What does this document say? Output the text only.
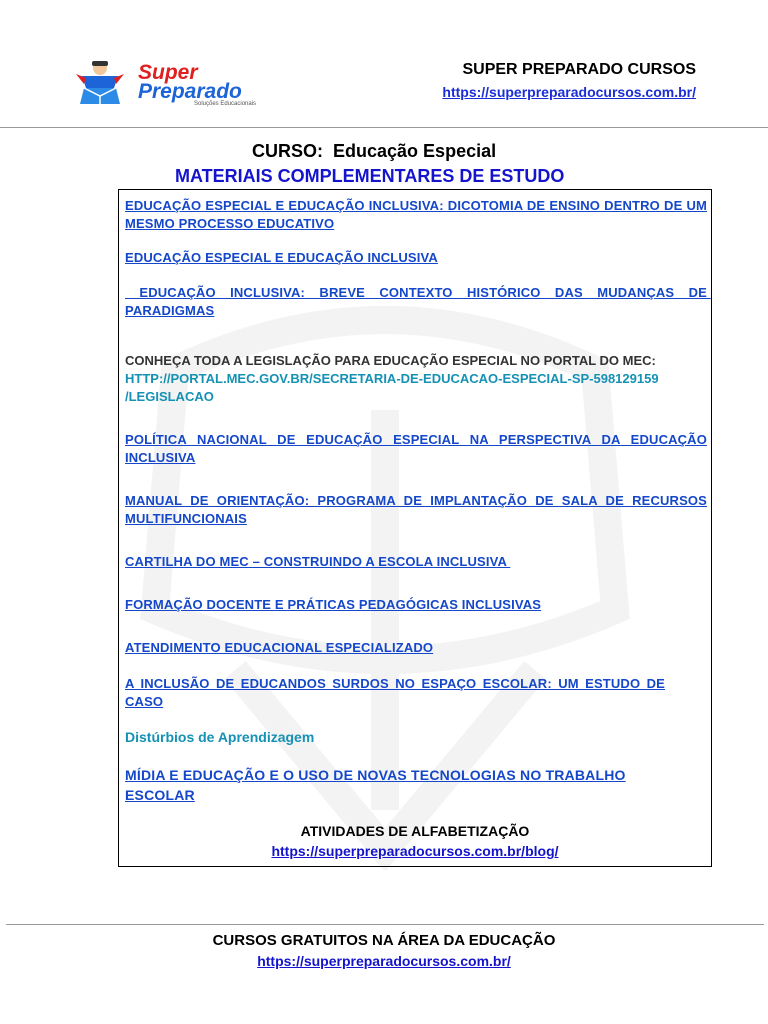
Super
Preparado
Soluções Educacionais
SUPER PREPARADO CURSOS
https://superpreparadocursos.com.br/
CURSO: Educação Especial
MATERIAIS COMPLEMENTARES DE ESTUDO
EDUCAÇÃO ESPECIAL E EDUCAÇÃO INCLUSIVA: DICOTOMIA DE ENSINO DENTRO DE UM MESMO PROCESSO EDUCATIVO
EDUCAÇÃO ESPECIAL E EDUCAÇÃO INCLUSIVA
EDUCAÇÃO INCLUSIVA: BREVE CONTEXTO HISTÓRICO DAS MUDANÇAS DE PARADIGMAS
CONHEÇA TODA A LEGISLAÇÃO PARA EDUCAÇÃO ESPECIAL NO PORTAL DO MEC:
HTTP://PORTAL.MEC.GOV.BR/SECRETARIA-DE-EDUCACAO-ESPECIAL-SP-598129159
/LEGISLACAO
POLÍTICA NACIONAL DE EDUCAÇÃO ESPECIAL NA PERSPECTIVA DA EDUCAÇÃO INCLUSIVA
MANUAL DE ORIENTAÇÃO: PROGRAMA DE IMPLANTAÇÃO DE SALA DE RECURSOS MULTIFUNCIONAIS
CARTILHA DO MEC – CONSTRUINDO A ESCOLA INCLUSIVA
FORMAÇÃO DOCENTE E PRÁTICAS PEDAGÓGICAS INCLUSIVAS
ATENDIMENTO EDUCACIONAL ESPECIALIZADO
A INCLUSÃO DE EDUCANDOS SURDOS NO ESPAÇO ESCOLAR: UM ESTUDO DE CASO
Distúrbios de Aprendizagem
MÍDIA E EDUCAÇÃO E O USO DE NOVAS TECNOLOGIAS NO TRABALHO ESCOLAR
ATIVIDADES DE ALFABETIZAÇÃO
https://superpreparadocursos.com.br/blog/
CURSOS GRATUITOS NA ÁREA DA EDUCAÇÃO
https://superpreparadocursos.com.br/
